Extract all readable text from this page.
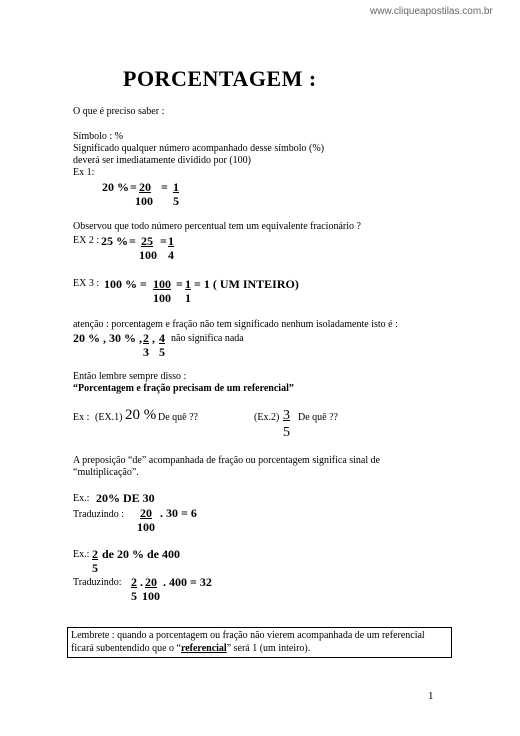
www.cliqueapostilas.com.br
PORCENTAGEM :
O que é preciso saber :
Símbolo : %
Significado qualquer número acompanhado desse símbolo (%)
deverá ser imediatamente dividido por (100)
Ex 1:
20 % = 20
100
= 1
5
Observou que todo número percentual tem um equivalente fracionário ?
EX 2 : 25 % = 25
100
= 1
4
EX 3 : 100 % = 100
100
= 1
1
= 1 ( UM INTEIRO)
atenção : porcentagem e fração não tem significado nenhum isoladamente isto é :
20 % , 30 % , 2
3
, 4
5
não significa nada
Então lembre sempre disso :
“Porcentagem e fração precisam de um referencial”
Ex : (EX.1) 20 % De quê ??	(Ex.2) 3
5
De quê ??
A preposição “de” acompanhada de fração ou porcentagem significa sinal de
“multiplicação”.
Ex.: 20% DE 30
Traduzindo : 20
100
. 30 = 6
Ex.: 2 de 20 % de 400
5
Traduzindo: 2
5
. 20
100
. 400 = 32
Lembrete : quando a porcentagem ou fração não vierem acompanhada de um referencial
ficará subentendido que o “referencial” será 1 (um inteiro).
1
